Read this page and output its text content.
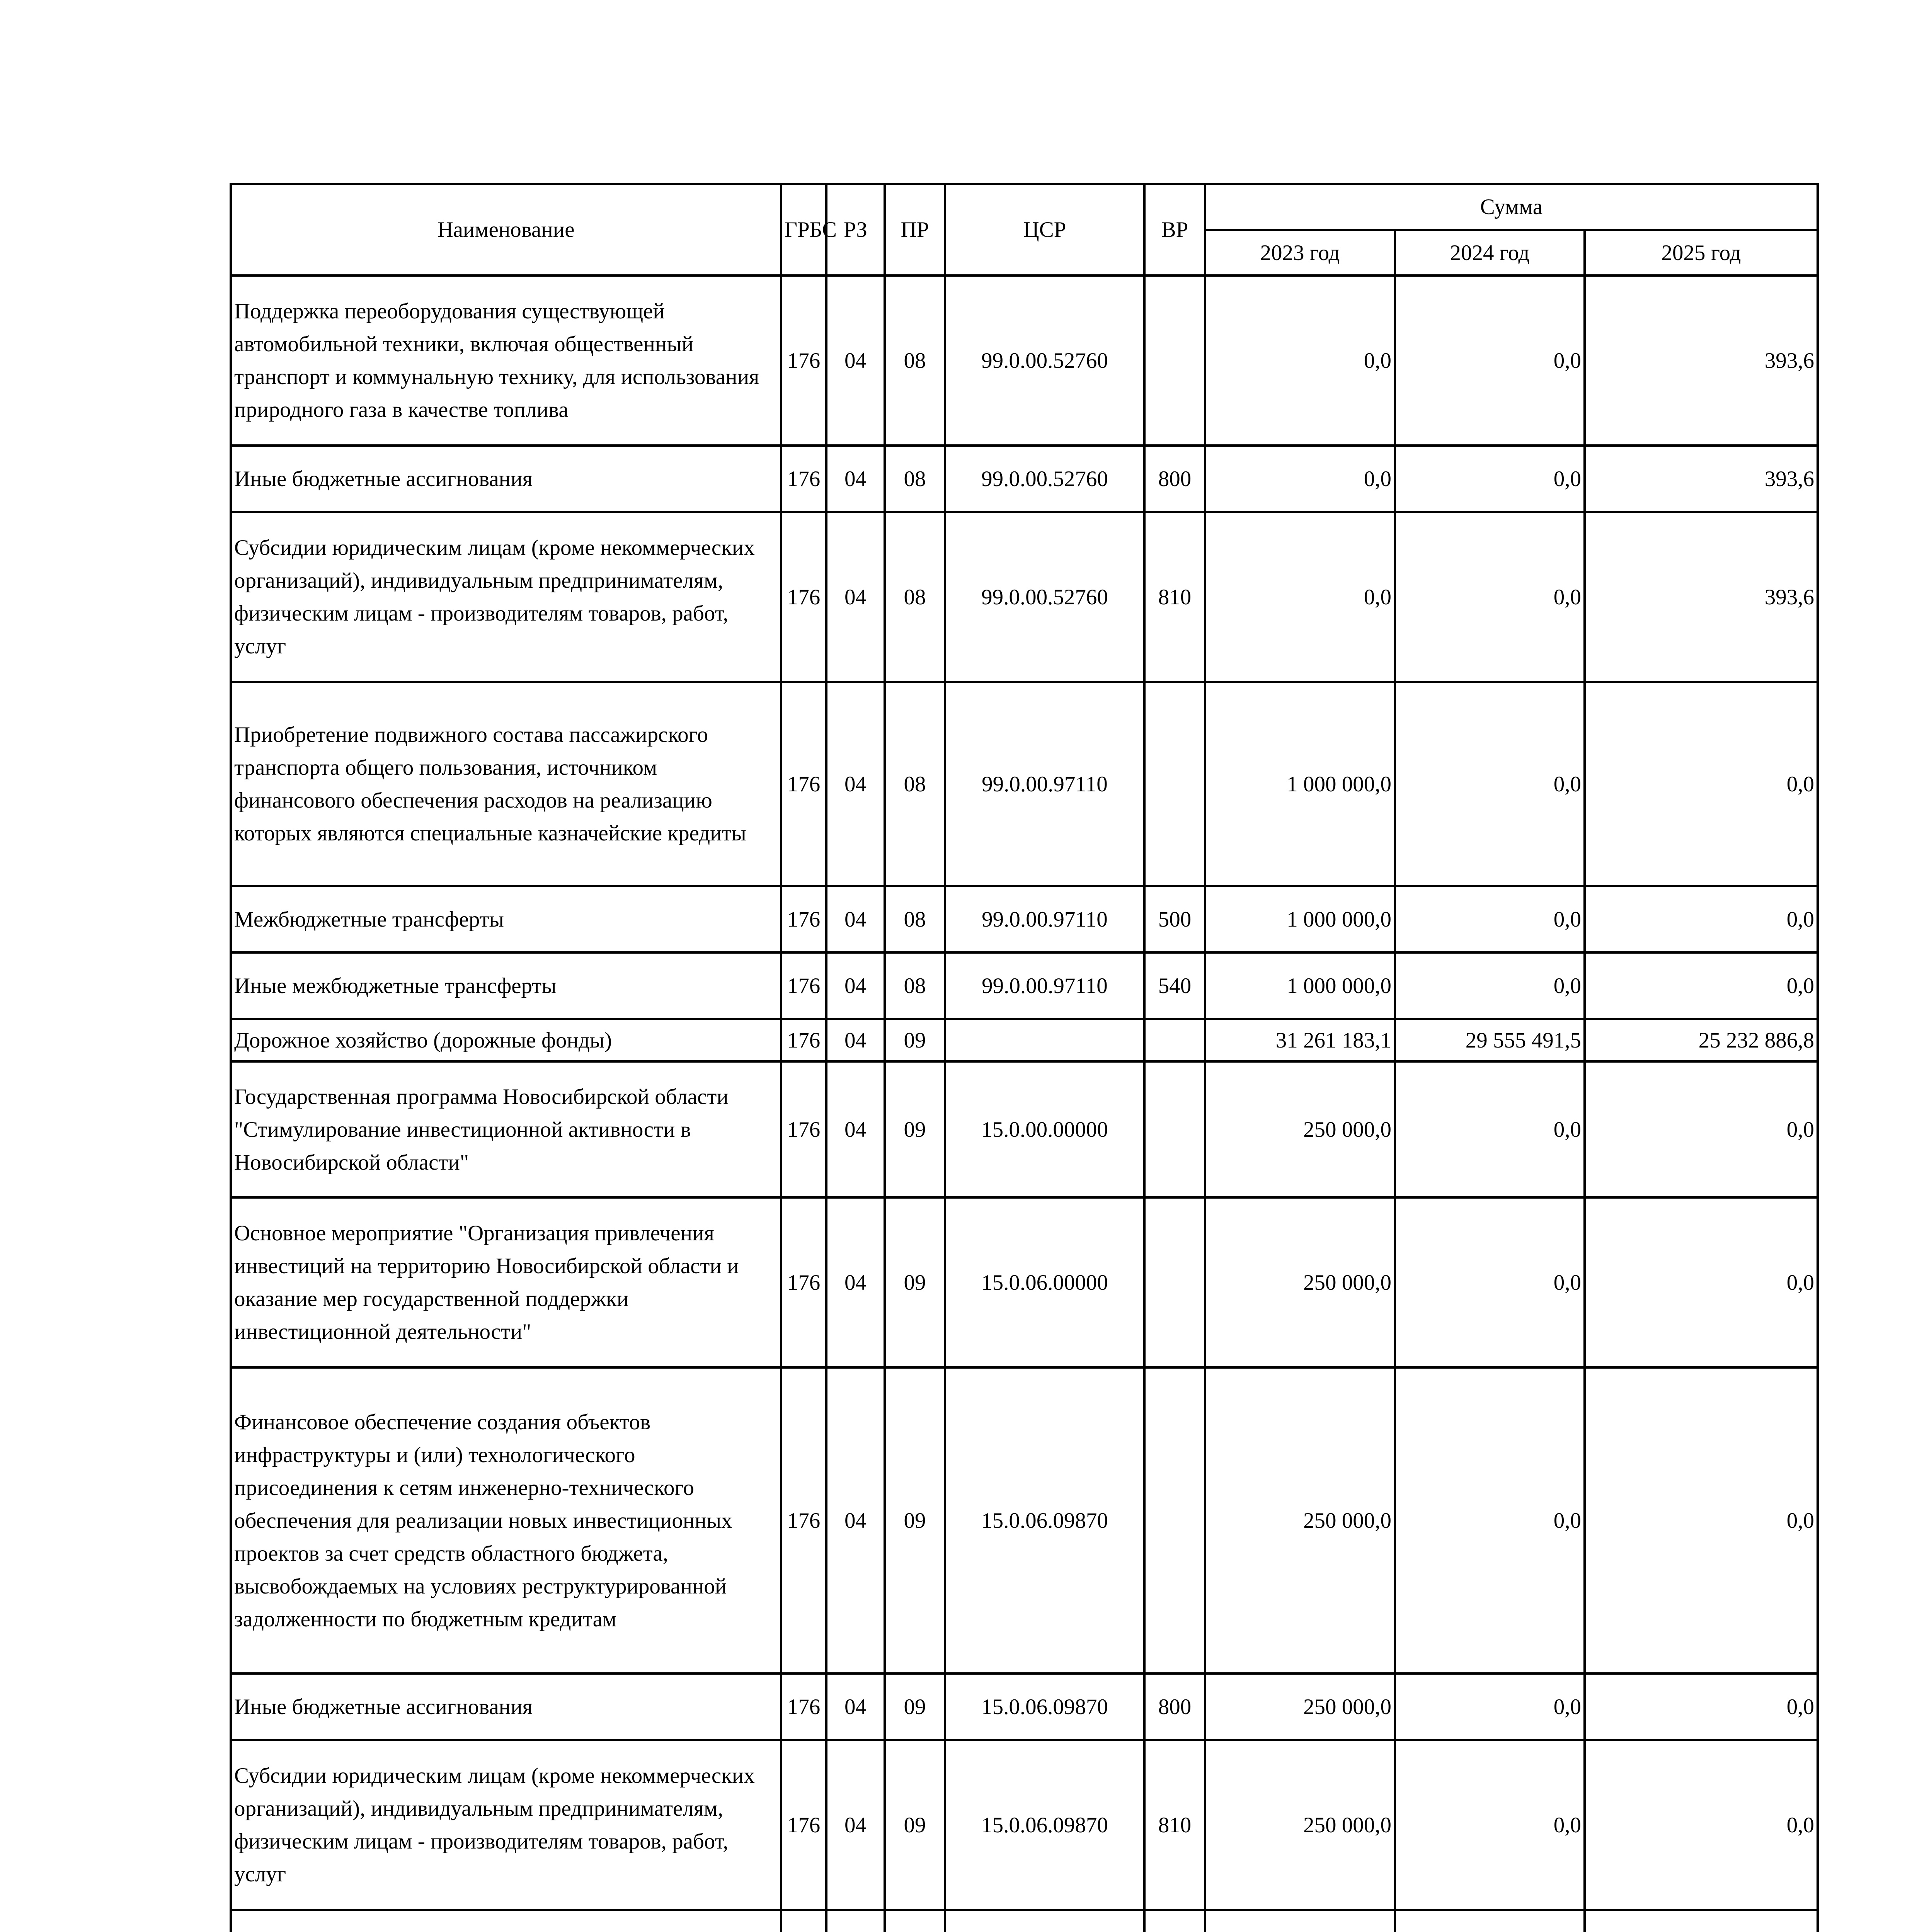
Наименование	ГРБС	РЗ	ПР	ЦСР	ВР	Сумма		
						2023 год	2024 год	2025 год
Поддержка переоборудования существующей автомобильной техники, включая общественный транспорт и коммунальную технику, для использования природного газа в качестве топлива	176	04	08	99.0.00.52760		0,0	0,0	393,6
Иные бюджетные ассигнования	176	04	08	99.0.00.52760	800	0,0	0,0	393,6
Субсидии юридическим лицам (кроме некоммерческих организаций), индивидуальным предпринимателям, физическим лицам - производителям товаров, работ, услуг	176	04	08	99.0.00.52760	810	0,0	0,0	393,6
Приобретение подвижного состава пассажирского транспорта общего пользования, источником финансового обеспечения расходов на реализацию которых являются специальные казначейские кредиты	176	04	08	99.0.00.97110		1 000 000,0	0,0	0,0
Межбюджетные трансферты	176	04	08	99.0.00.97110	500	1 000 000,0	0,0	0,0
Иные межбюджетные трансферты	176	04	08	99.0.00.97110	540	1 000 000,0	0,0	0,0
Дорожное хозяйство (дорожные фонды)	176	04	09			31 261 183,1	29 555 491,5	25 232 886,8
Государственная программа Новосибирской области "Стимулирование инвестиционной активности в Новосибирской области"	176	04	09	15.0.00.00000		250 000,0	0,0	0,0
Основное мероприятие "Организация привлечения инвестиций на территорию Новосибирской области и оказание мер государственной поддержки инвестиционной деятельности"	176	04	09	15.0.06.00000		250 000,0	0,0	0,0
Финансовое обеспечение создания объектов инфраструктуры и (или) технологического присоединения к сетям инженерно-технического обеспечения для реализации новых инвестиционных проектов за счет средств областного бюджета, высвобождаемых на условиях реструктурированной задолженности по бюджетным кредитам	176	04	09	15.0.06.09870		250 000,0	0,0	0,0
Иные бюджетные ассигнования	176	04	09	15.0.06.09870	800	250 000,0	0,0	0,0
Субсидии юридическим лицам (кроме некоммерческих организаций), индивидуальным предпринимателям, физическим лицам - производителям товаров, работ, услуг	176	04	09	15.0.06.09870	810	250 000,0	0,0	0,0
